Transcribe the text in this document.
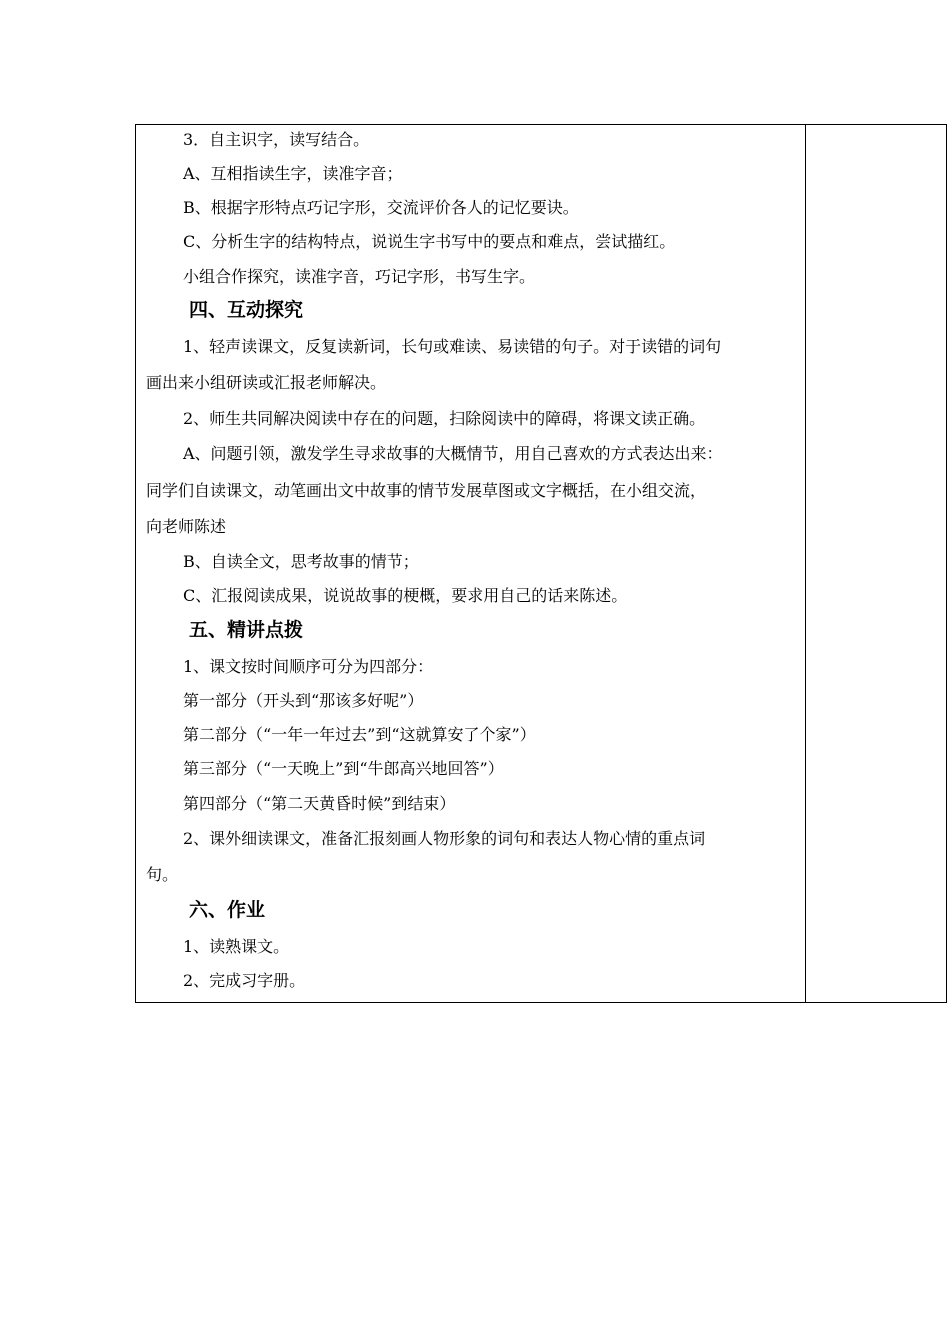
3．自主识字，读写结合。
A、互相指读生字，读准字音；
B、根据字形特点巧记字形，交流评价各人的记忆要诀。
C、分析生字的结构特点，说说生字书写中的要点和难点，尝试描红。
小组合作探究，读准字音，巧记字形，书写生字。
四、互动探究
1、轻声读课文，反复读新词，长句或难读、易读错的句子。对于读错的词句
画出来小组研读或汇报老师解决。
2、师生共同解决阅读中存在的问题，扫除阅读中的障碍，将课文读正确。
A、问题引领，激发学生寻求故事的大概情节，用自己喜欢的方式表达出来：
同学们自读课文，动笔画出文中故事的情节发展草图或文字概括，在小组交流，
向老师陈述
B、自读全文，思考故事的情节；
C、汇报阅读成果，说说故事的梗概，要求用自己的话来陈述。
五、精讲点拨
1、课文按时间顺序可分为四部分：
第一部分（开头到“那该多好呢”）
第二部分（“一年一年过去”到“这就算安了个家”）
第三部分（“一天晚上”到“牛郎高兴地回答”）
第四部分（“第二天黄昏时候”到结束）
2、课外细读课文，准备汇报刻画人物形象的词句和表达人物心情的重点词
句。
六、作业
1、读熟课文。
2、完成习字册。
